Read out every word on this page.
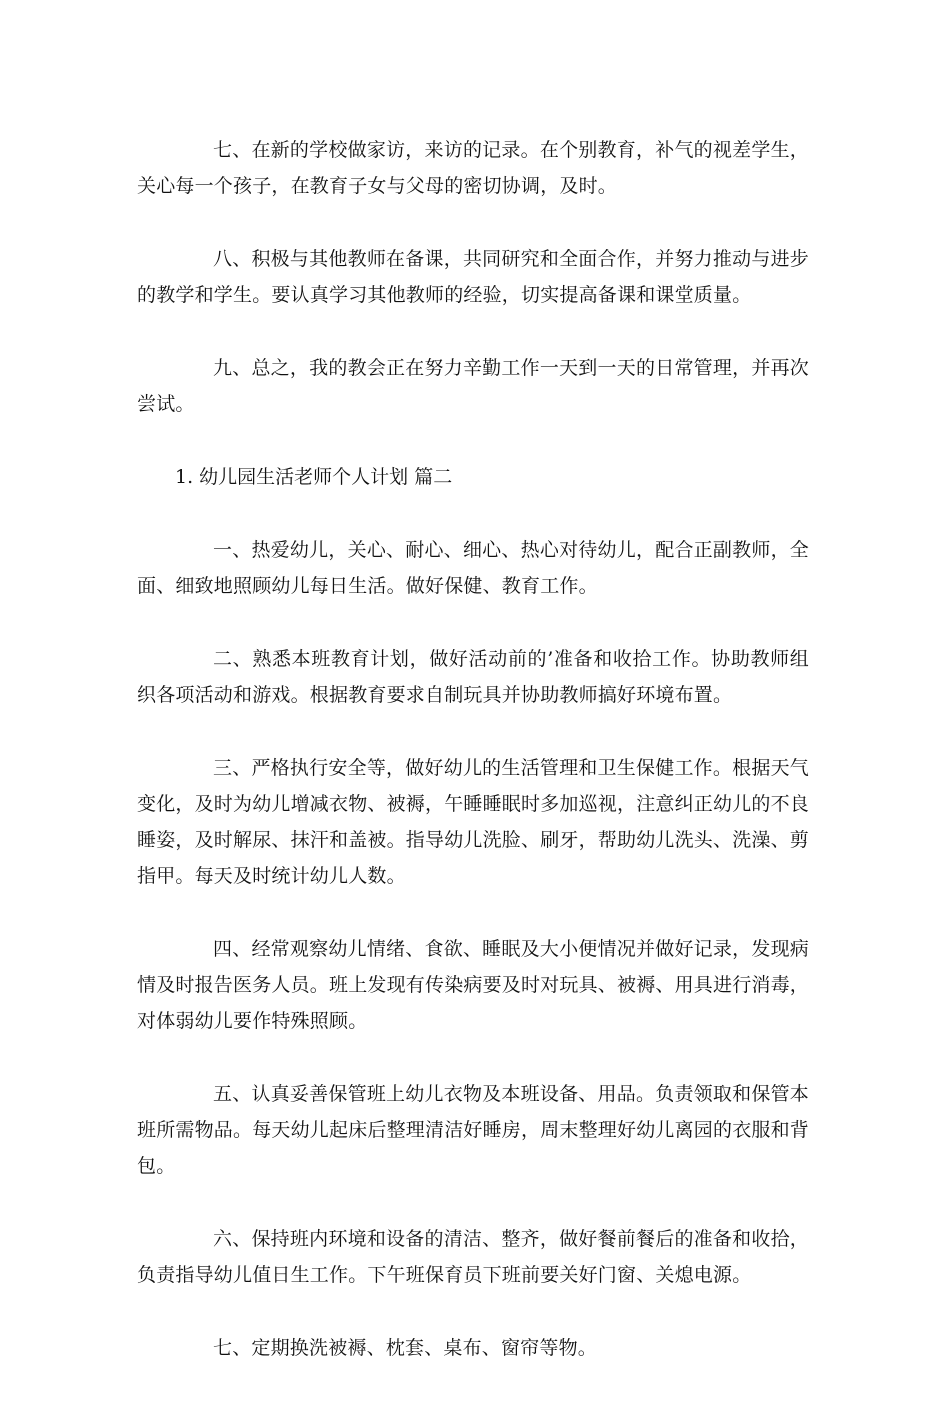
七、在新的学校做家访，来访的记录。在个别教育，补气的视差学生，关心每一个孩子，在教育子女与父母的密切协调，及时。

八、积极与其他教师在备课，共同研究和全面合作，并努力推动与进步的教学和学生。要认真学习其他教师的经验，切实提高备课和课堂质量。

九、总之，我的教会正在努力辛勤工作一天到一天的日常管理，并再次尝试。

1. 幼儿园生活老师个人计划 篇二

一、热爱幼儿，关心、耐心、细心、热心对待幼儿，配合正副教师，全面、细致地照顾幼儿每日生活。做好保健、教育工作。

二、熟悉本班教育计划，做好活动前的’准备和收拾工作。协助教师组织各项活动和游戏。根据教育要求自制玩具并协助教师搞好环境布置。

三、严格执行安全等，做好幼儿的生活管理和卫生保健工作。根据天气变化，及时为幼儿增减衣物、被褥，午睡睡眠时多加巡视，注意纠正幼儿的不良睡姿，及时解尿、抹汗和盖被。指导幼儿洗脸、刷牙，帮助幼儿洗头、洗澡、剪指甲。每天及时统计幼儿人数。

四、经常观察幼儿情绪、食欲、睡眠及大小便情况并做好记录，发现病情及时报告医务人员。班上发现有传染病要及时对玩具、被褥、用具进行消毒，对体弱幼儿要作特殊照顾。

五、认真妥善保管班上幼儿衣物及本班设备、用品。负责领取和保管本班所需物品。每天幼儿起床后整理清洁好睡房，周末整理好幼儿离园的衣服和背包。

六、保持班内环境和设备的清洁、整齐，做好餐前餐后的准备和收拾，负责指导幼儿值日生工作。下午班保育员下班前要关好门窗、关熄电源。

七、定期换洗被褥、枕套、桌布、窗帘等物。
